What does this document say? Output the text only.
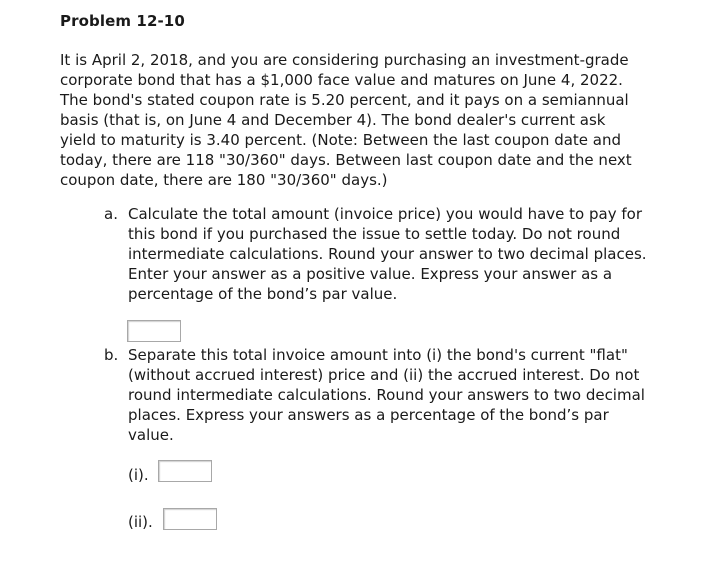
Problem 12-10

It is April 2, 2018, and you are considering purchasing an investment-grade
corporate bond that has a $1,000 face value and matures on June 4, 2022.
The bond's stated coupon rate is 5.20 percent, and it pays on a semiannual
basis (that is, on June 4 and December 4). The bond dealer's current ask
yield to maturity is 3.40 percent. (Note: Between the last coupon date and
today, there are 118 "30/360" days. Between last coupon date and the next
coupon date, there are 180 "30/360" days.)

a. Calculate the total amount (invoice price) you would have to pay for
this bond if you purchased the issue to settle today. Do not round
intermediate calculations. Round your answer to two decimal places.
Enter your answer as a positive value. Express your answer as a
percentage of the bond’s par value.
b. Separate this total invoice amount into (i) the bond's current "flat"
(without accrued interest) price and (ii) the accrued interest. Do not
round intermediate calculations. Round your answers to two decimal
places. Express your answers as a percentage of the bond’s par
value.
(i).
(ii).
